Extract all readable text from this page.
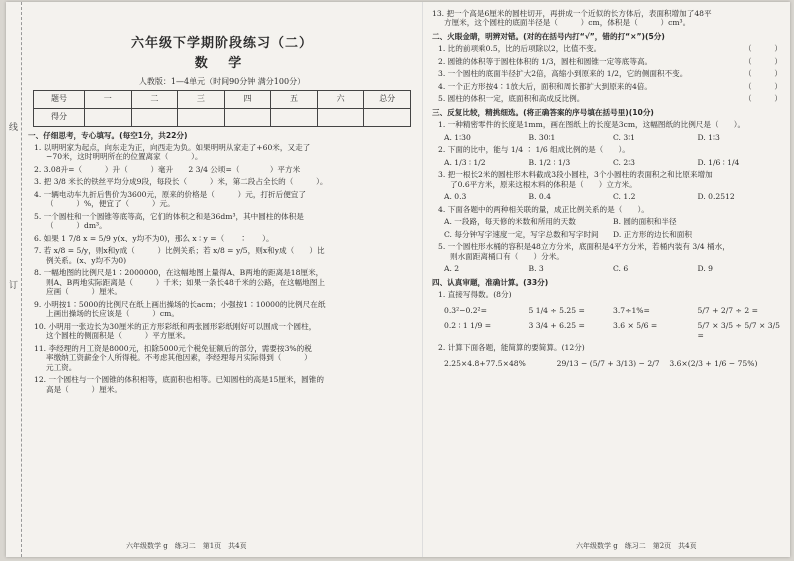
线
订
六年级下学期阶段练习（二）
数 学
人教版：1—4单元（时间90分钟 满分100分）
题号	一	二	三	四	五	六	总分
得分							
一、仔细思考，专心填写。(每空1分，共22分)
1. 以明明家为起点，向东走为正，向西走为负。如果明明从家走了+60米，又走了
−70米，这时明明所在的位置离家（　　　）。
2. 3.08升=（　　　）升（　　　）毫升　　2 3/4 公顷=（　　　　）平方米
3. 把 3/8 米长的铁丝平均分成9段，每段长（　　　）米，第二段占全长的（　　　）。
4. 一辆电动车九折后售价为3600元，原来的价格是（　　　）元，打折后便宜了
（　　　）%，便宜了（　　　）元。
5. 一个圆柱和一个圆锥等底等高，它们的体积之和是36dm³，其中圆柱的体积是
（　　　）dm³。
6. 如果 1 7/8 x = 5/9 y(x、y均不为0)，那么 x ∶ y =（　　∶　　）。
7. 若 x/8 = 5/y，则x和y成（　　　）比例关系；若 x/8 = y/5，则x和y成（　　）比
例关系。(x、y均不为0)
8. 一幅地图的比例尺是1∶2000000，在这幅地图上量得A、B两地的距离是18厘米，
则A、B两地实际距离是（　　　）千米；如果一条长48千米的公路，在这幅地图上
应画（　　　）厘米。
9. 小明按1∶5000的比例尺在纸上画出操场的长acm；小强按1∶10000的比例尺在纸
上画出操场的长应该是（　　　）cm。
10. 小明用一张边长为30厘米的正方形彩纸和两张圆形彩纸刚好可以围成一个圆柱，
这个圆柱的侧面积是（　　　）平方厘米。
11. 李经理的月工资是8000元，扣除5000元个税免征额后的部分，需要按3%的税
率缴纳工资薪金个人所得税。不考虑其他因素，李经理每月实际得到（　　　）
元工资。
12. 一个圆柱与一个圆锥的体积相等，底面积也相等。已知圆柱的高是15厘米，圆锥的
高是（　　　）厘米。
六年级数学 g　练习二　第1页　共4页
13. 把一个高是6厘米的圆柱切开，再拼成一个近似的长方体后，表面积增加了48平
方厘米，这个圆柱的底面半径是（　　　）cm，体积是（　　　）cm³。
二、火眼金睛，明辨对错。(对的在括号内打“√”，错的打“×”)(5分)
1. 比的前项乘0.5，比的后项除以2，比值不变。	（　　　）
2. 圆锥的体积等于圆柱体积的 1/3，圆柱和圆锥一定等底等高。	（　　　）
3. 一个圆柱的底面半径扩大2倍，高缩小到原来的 1/2，它的侧面积不变。	（　　　）
4. 一个正方形按4∶1放大后，面积和周长都扩大到原来的4倍。	（　　　）
5. 圆柱的体积一定，底面积和高成反比例。	（　　　）
三、反复比较，精挑细选。(将正确答案的序号填在括号里)(10分)
1. 一种精密零件的长度是1mm，画在图纸上的长度是3cm，这幅图纸的比例尺是（　　）。
A. 1∶30	B. 30∶1	C. 3∶1	D. 1∶3
2. 下面的比中，能与 1/4 ∶ 1/6 组成比例的是（　　）。
A. 1/3 ∶ 1/2	B. 1/2 ∶ 1/3	C. 2∶3	D. 1/6 ∶ 1/4
3. 把一根长2米的圆柱形木料截成3段小圆柱，3个小圆柱的表面积之和比原来增加
了0.6平方米，原来这根木料的体积是（　　）立方米。
A. 0.3	B. 0.4	C. 1.2	D. 0.2512
4. 下面各题中的两种相关联的量，成正比例关系的是（　　）。
A. 一段路，每天修的米数和所用的天数	B. 圆的面积和半径
C. 每分钟写字速度一定，写字总数和写字时间	D. 正方形的边长和面积
5. 一个圆柱形水桶的容积是48立方分米，底面积是4平方分米，若桶内装有 3/4 桶水，
则水面距离桶口有（　　）分米。
A. 2	B. 3	C. 6	D. 9
四、认真审题，准确计算。(33分)
1. 直接写得数。(8分)
0.3²−0.2²=	5 1/4 ÷ 5.25 =	3.7÷1%=	5/7 + 2/7 ÷ 2 =
0.2 ∶ 1 1/9 =	3 3/4 + 6.25 =	3.6 × 5/6 =	5/7 × 3/5 ÷ 5/7 × 3/5 =
2. 计算下面各题，能简算的要简算。(12分)
2.25×4.8+77.5×48%	29/13 − (5/7 + 3/13) − 2/7	3.6×(2/3 + 1/6 − 75%)
六年级数学 g　练习二　第2页　共4页
